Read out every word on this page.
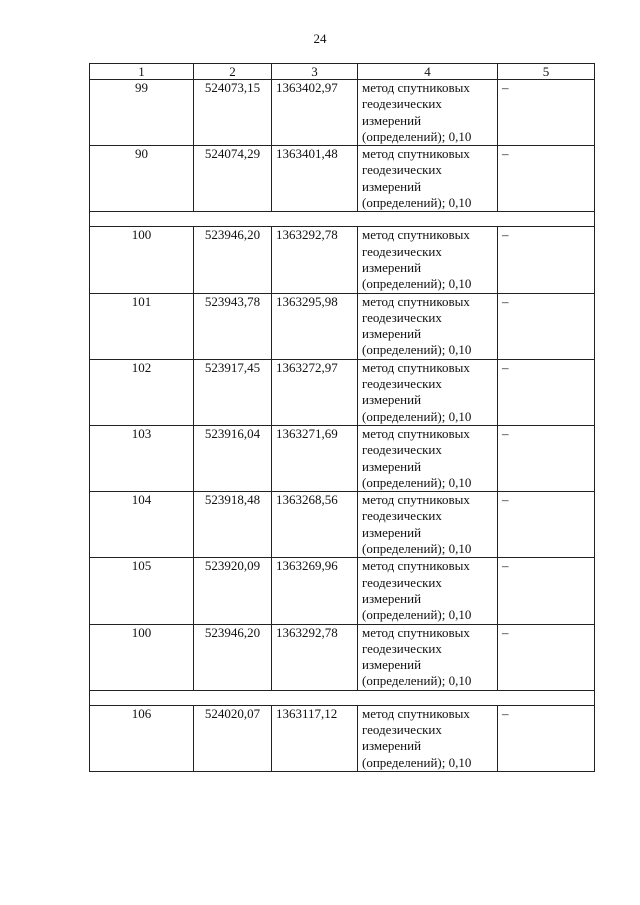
24
1	2	3	4	5
99	524073,15	1363402,97	метод спутниковых геодезических измерений (определений); 0,10	–
90	524074,29	1363401,48	метод спутниковых геодезических измерений (определений); 0,10	–

100	523946,20	1363292,78	метод спутниковых геодезических измерений (определений); 0,10	–
101	523943,78	1363295,98	метод спутниковых геодезических измерений (определений); 0,10	–
102	523917,45	1363272,97	метод спутниковых геодезических измерений (определений); 0,10	–
103	523916,04	1363271,69	метод спутниковых геодезических измерений (определений); 0,10	–
104	523918,48	1363268,56	метод спутниковых геодезических измерений (определений); 0,10	–
105	523920,09	1363269,96	метод спутниковых геодезических измерений (определений); 0,10	–
100	523946,20	1363292,78	метод спутниковых геодезических измерений (определений); 0,10	–

106	524020,07	1363117,12	метод спутниковых геодезических измерений (определений); 0,10	–
